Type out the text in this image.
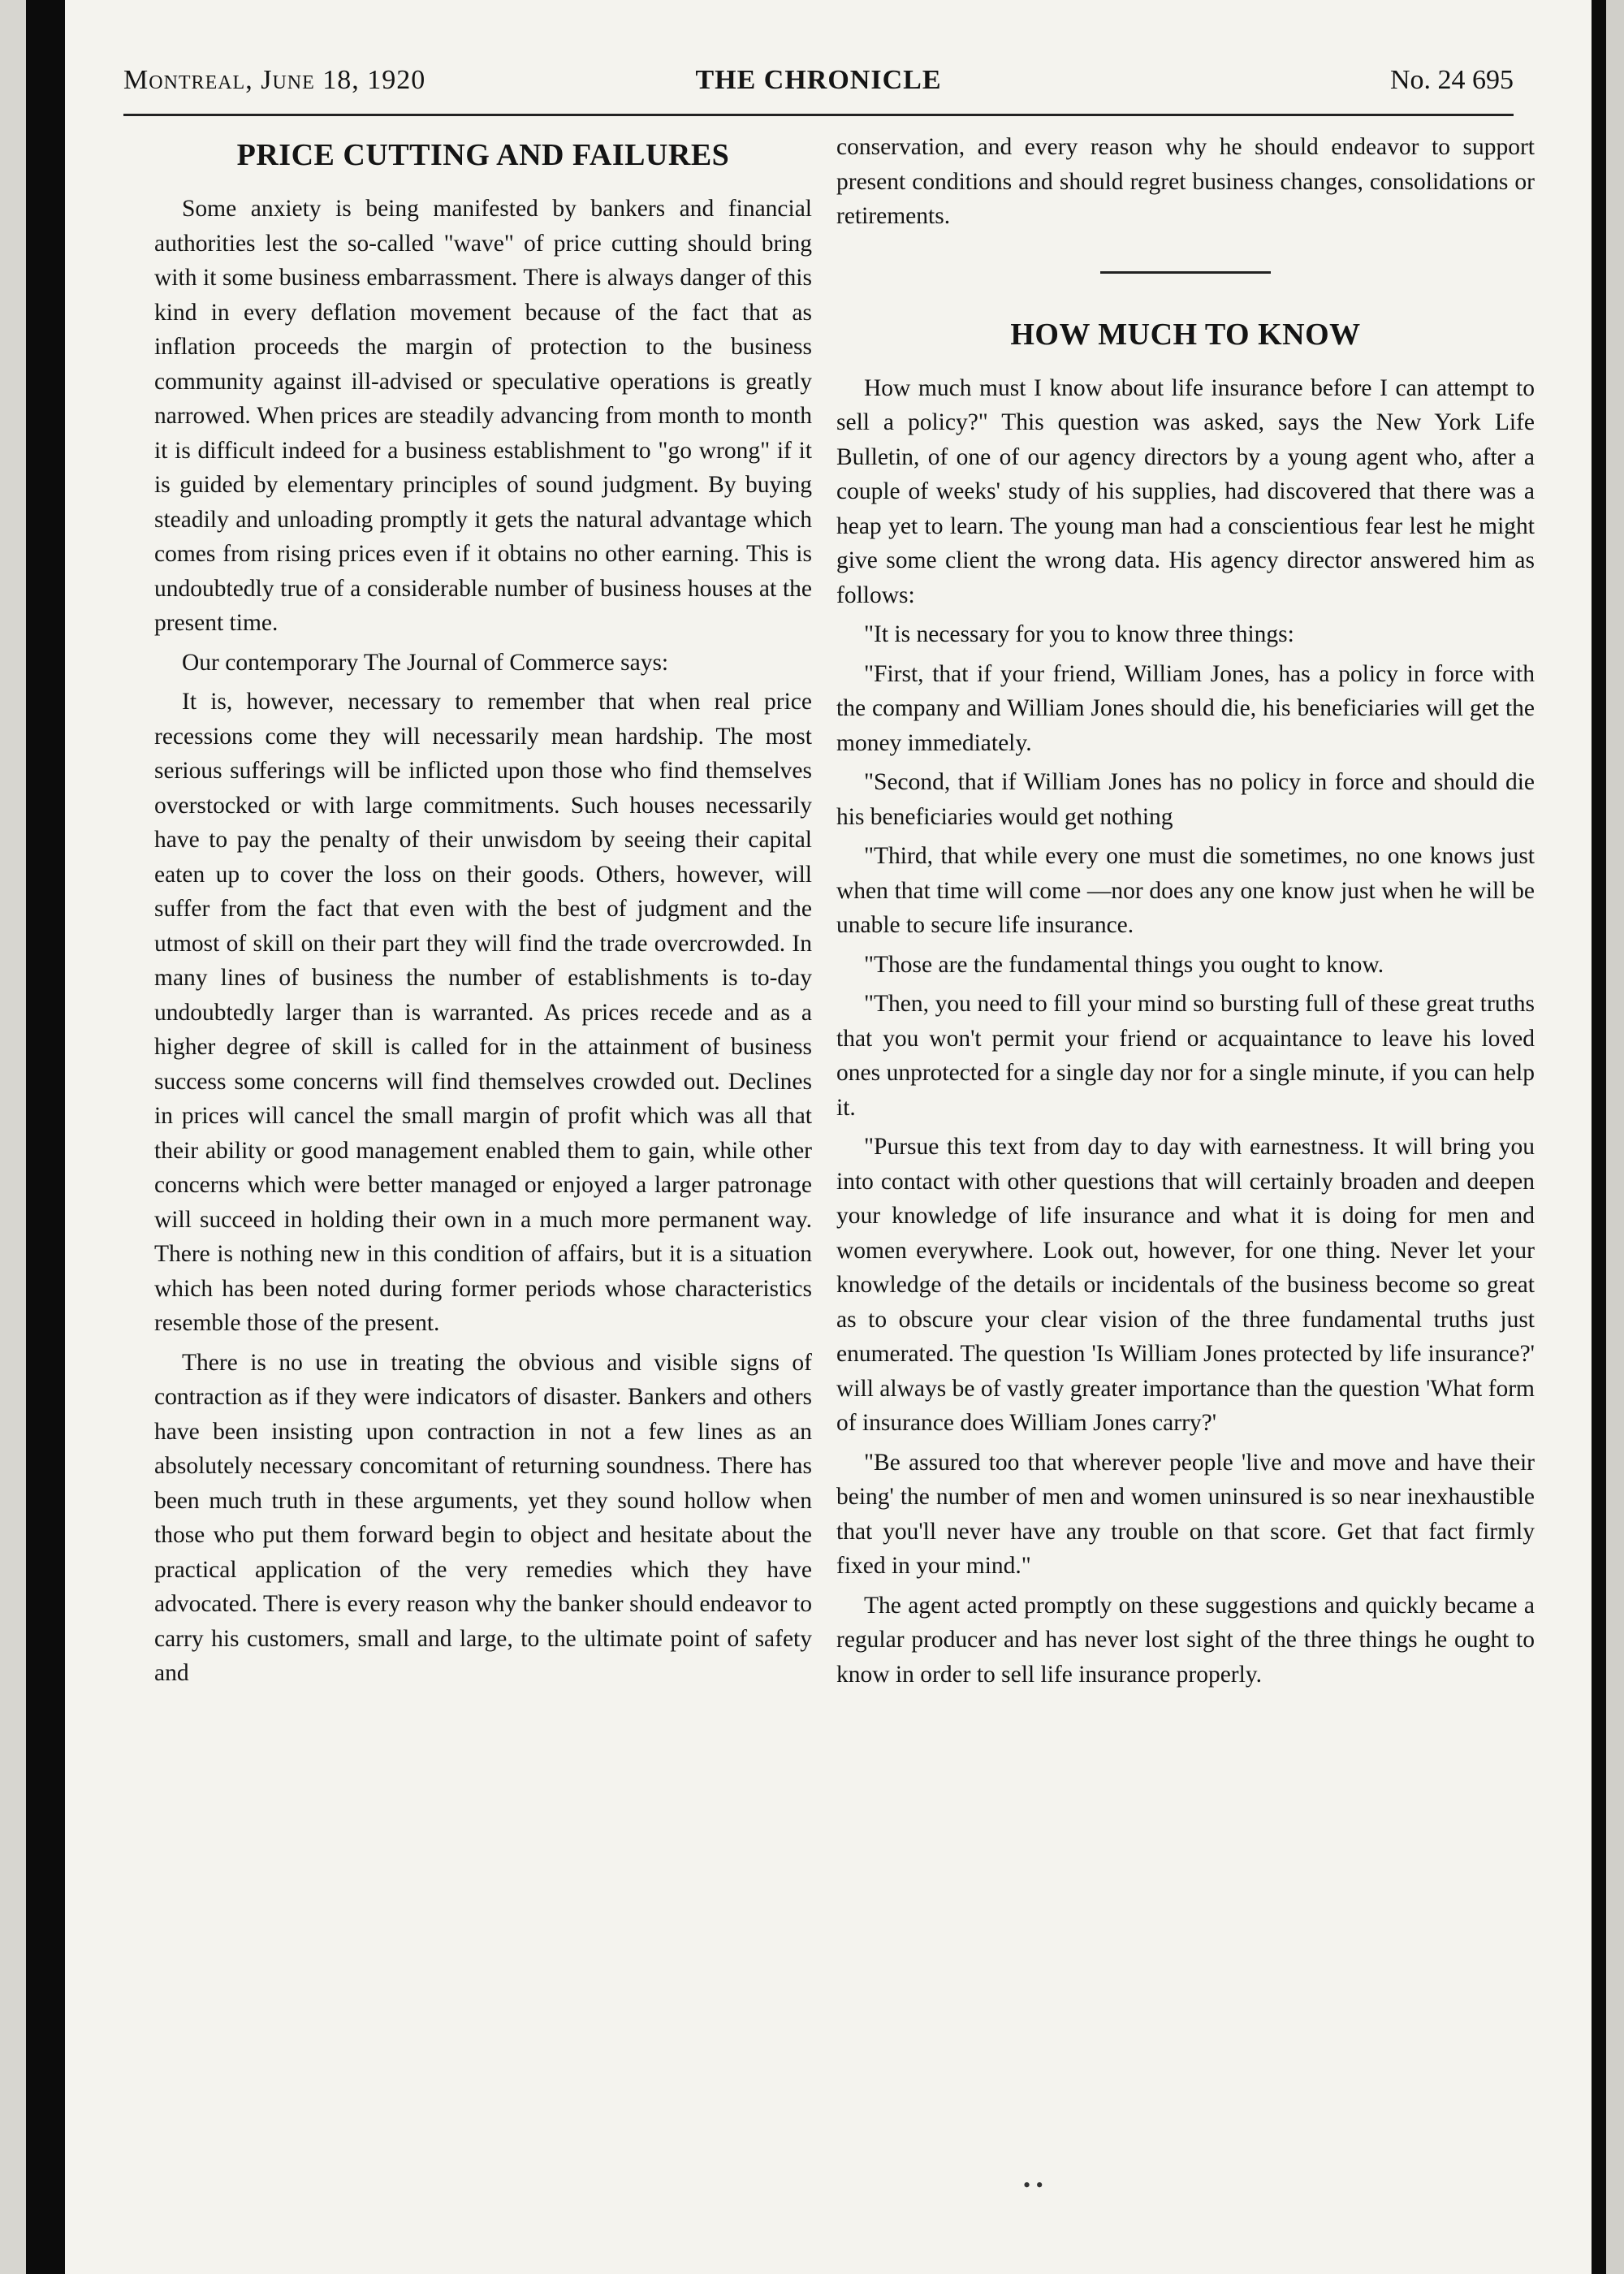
Montreal, June 18, 1920	THE CHRONICLE	No. 24 695
PRICE CUTTING AND FAILURES

Some anxiety is being manifested by bankers and financial authorities lest the so-called "wave" of price cutting should bring with it some business embarrassment. There is always danger of this kind in every deflation movement because of the fact that as inflation proceeds the margin of protection to the business community against ill-advised or speculative operations is greatly narrowed. When prices are steadily advancing from month to month it is difficult indeed for a business establishment to "go wrong" if it is guided by elementary principles of sound judgment. By buying steadily and unloading promptly it gets the natural advantage which comes from rising prices even if it obtains no other earning. This is undoubtedly true of a considerable number of business houses at the present time.

Our contemporary The Journal of Commerce says:

It is, however, necessary to remember that when real price recessions come they will necessarily mean hardship. The most serious sufferings will be inflicted upon those who find themselves overstocked or with large commitments. Such houses necessarily have to pay the penalty of their unwisdom by seeing their capital eaten up to cover the loss on their goods. Others, however, will suffer from the fact that even with the best of judgment and the utmost of skill on their part they will find the trade overcrowded. In many lines of business the number of establishments is to-day undoubtedly larger than is warranted. As prices recede and as a higher degree of skill is called for in the attainment of business success some concerns will find themselves crowded out. Declines in prices will cancel the small margin of profit which was all that their ability or good management enabled them to gain, while other concerns which were better managed or enjoyed a larger patronage will succeed in holding their own in a much more permanent way. There is nothing new in this condition of affairs, but it is a situation which has been noted during former periods whose characteristics resemble those of the present.

There is no use in treating the obvious and visible signs of contraction as if they were indicators of disaster. Bankers and others have been insisting upon contraction in not a few lines as an absolutely necessary concomitant of returning soundness. There has been much truth in these arguments, yet they sound hollow when those who put them forward begin to object and hesitate about the practical application of the very remedies which they have advocated. There is every reason why the banker should endeavor to carry his customers, small and large, to the ultimate point of safety and

conservation, and every reason why he should endeavor to support present conditions and should regret business changes, consolidations or retirements.

HOW MUCH TO KNOW

How much must I know about life insurance before I can attempt to sell a policy?" This question was asked, says the New York Life Bulletin, of one of our agency directors by a young agent who, after a couple of weeks' study of his supplies, had discovered that there was a heap yet to learn. The young man had a conscientious fear lest he might give some client the wrong data. His agency director answered him as follows:

"It is necessary for you to know three things:

"First, that if your friend, William Jones, has a policy in force with the company and William Jones should die, his beneficiaries will get the money immediately.

"Second, that if William Jones has no policy in force and should die his beneficiaries would get nothing

"Third, that while every one must die sometimes, no one knows just when that time will come —nor does any one know just when he will be unable to secure life insurance.

"Those are the fundamental things you ought to know.

"Then, you need to fill your mind so bursting full of these great truths that you won't permit your friend or acquaintance to leave his loved ones unprotected for a single day nor for a single minute, if you can help it.

"Pursue this text from day to day with earnestness. It will bring you into contact with other questions that will certainly broaden and deepen your knowledge of life insurance and what it is doing for men and women everywhere. Look out, however, for one thing. Never let your knowledge of the details or incidentals of the business become so great as to obscure your clear vision of the three fundamental truths just enumerated. The question 'Is William Jones protected by life insurance?' will always be of vastly greater importance than the question 'What form of insurance does William Jones carry?'

"Be assured too that wherever people 'live and move and have their being' the number of men and women uninsured is so near inexhaustible that you'll never have any trouble on that score. Get that fact firmly fixed in your mind."

The agent acted promptly on these suggestions and quickly became a regular producer and has never lost sight of the three things he ought to know in order to sell life insurance properly.

• •
